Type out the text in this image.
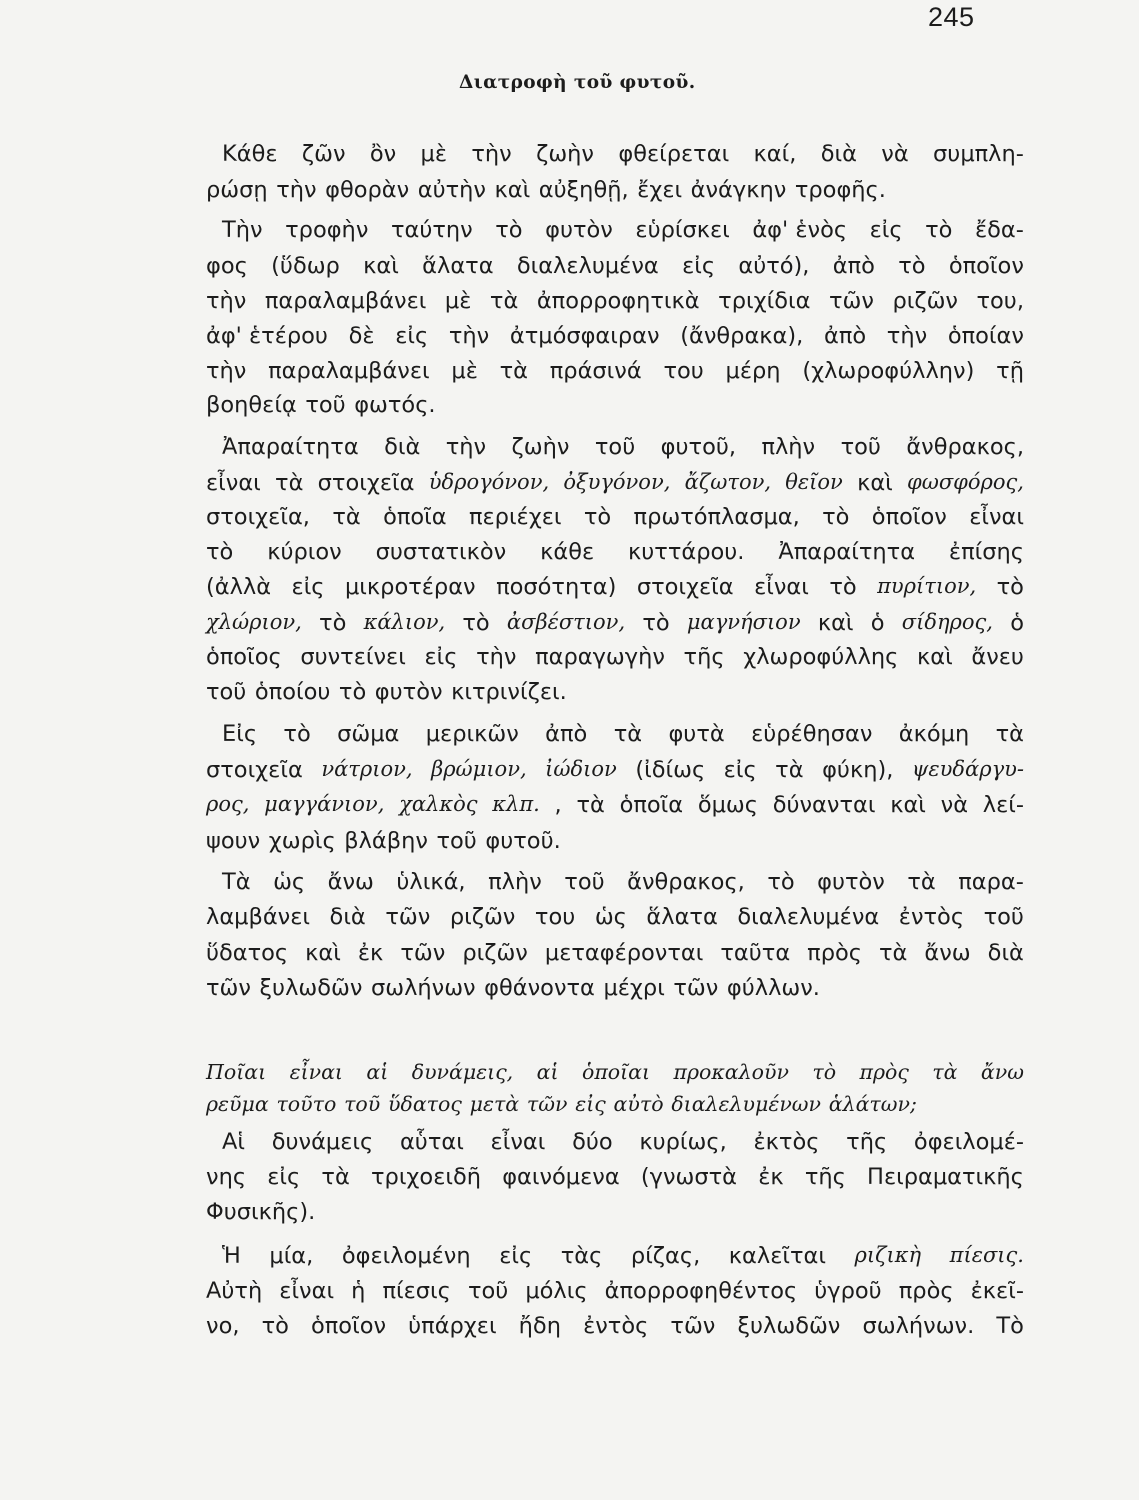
245
Διατροφὴ τοῦ φυτοῦ.
Κάθε ζῶν ὂν μὲ τὴν ζωὴν φθείρεται καί, διὰ νὰ συμπλη-
ρώσῃ τὴν φθορὰν αὐτὴν καὶ αὐξηθῇ, ἔχει ἀνάγκην τροφῆς.
Τὴν τροφὴν ταύτην τὸ φυτὸν εὑρίσκει ἀφ' ἑνὸς εἰς τὸ ἔδα-
φος (ὕδωρ καὶ ἅλατα διαλελυμένα εἰς αὐτό), ἀπὸ τὸ ὁποῖον
τὴν παραλαμβάνει μὲ τὰ ἀπορροφητικὰ τριχίδια τῶν ριζῶν του,
ἀφ' ἑτέρου δὲ εἰς τὴν ἀτμόσφαιραν (ἄνθρακα), ἀπὸ τὴν ὁποίαν
τὴν παραλαμβάνει μὲ τὰ πράσινά του μέρη (χλωροφύλλην) τῇ
βοηθείᾳ τοῦ φωτός.
Ἀπαραίτητα διὰ τὴν ζωὴν τοῦ φυτοῦ, πλὴν τοῦ ἄνθρακος,
εἶναι τὰ στοιχεῖα ὑδρογόνον, ὀξυγόνον, ἄζωτον, θεῖον καὶ φωσφόρος,
στοιχεῖα, τὰ ὁποῖα περιέχει τὸ πρωτόπλασμα, τὸ ὁποῖον εἶναι
τὸ κύριον συστατικὸν κάθε κυττάρου. Ἀπαραίτητα ἐπίσης
(ἀλλὰ εἰς μικροτέραν ποσότητα) στοιχεῖα εἶναι τὸ πυρίτιον, τὸ
χλώριον, τὸ κάλιον, τὸ ἀσβέστιον, τὸ μαγνήσιον καὶ ὁ σίδηρος, ὁ
ὁποῖος συντείνει εἰς τὴν παραγωγὴν τῆς χλωροφύλλης καὶ ἄνευ
τοῦ ὁποίου τὸ φυτὸν κιτρινίζει.
Εἰς τὸ σῶμα μερικῶν ἀπὸ τὰ φυτὰ εὑρέθησαν ἀκόμη τὰ
στοιχεῖα νάτριον, βρώμιον, ἰώδιον (ἰδίως εἰς τὰ φύκη), ψευδάργυ-
ρος, μαγγάνιον, χαλκὸς κλπ. , τὰ ὁποῖα ὅμως δύνανται καὶ νὰ λεί-
ψουν χωρὶς βλάβην τοῦ φυτοῦ.
Τὰ ὡς ἄνω ὑλικά, πλὴν τοῦ ἄνθρακος, τὸ φυτὸν τὰ παρα-
λαμβάνει διὰ τῶν ριζῶν του ὡς ἅλατα διαλελυμένα ἐντὸς τοῦ
ὕδατος καὶ ἐκ τῶν ριζῶν μεταφέρονται ταῦτα πρὸς τὰ ἄνω διὰ
τῶν ξυλωδῶν σωλήνων φθάνοντα μέχρι τῶν φύλλων.
Ποῖαι εἶναι αἱ δυνάμεις, αἱ ὁποῖαι προκαλοῦν τὸ πρὸς τὰ ἄνω
ρεῦμα τοῦτο τοῦ ὕδατος μετὰ τῶν εἰς αὐτὸ διαλελυμένων ἁλάτων;
Αἱ δυνάμεις αὗται εἶναι δύο κυρίως, ἐκτὸς τῆς ὀφειλομέ-
νης εἰς τὰ τριχοειδῆ φαινόμενα (γνωστὰ ἐκ τῆς Πειραματικῆς
Φυσικῆς).
Ἡ μία, ὀφειλομένη εἰς τὰς ρίζας, καλεῖται ριζικὴ πίεσις.
Αὐτὴ εἶναι ἡ πίεσις τοῦ μόλις ἀπορροφηθέντος ὑγροῦ πρὸς ἐκεῖ-
νο, τὸ ὁποῖον ὑπάρχει ἤδη ἐντὸς τῶν ξυλωδῶν σωλήνων. Τὸ
